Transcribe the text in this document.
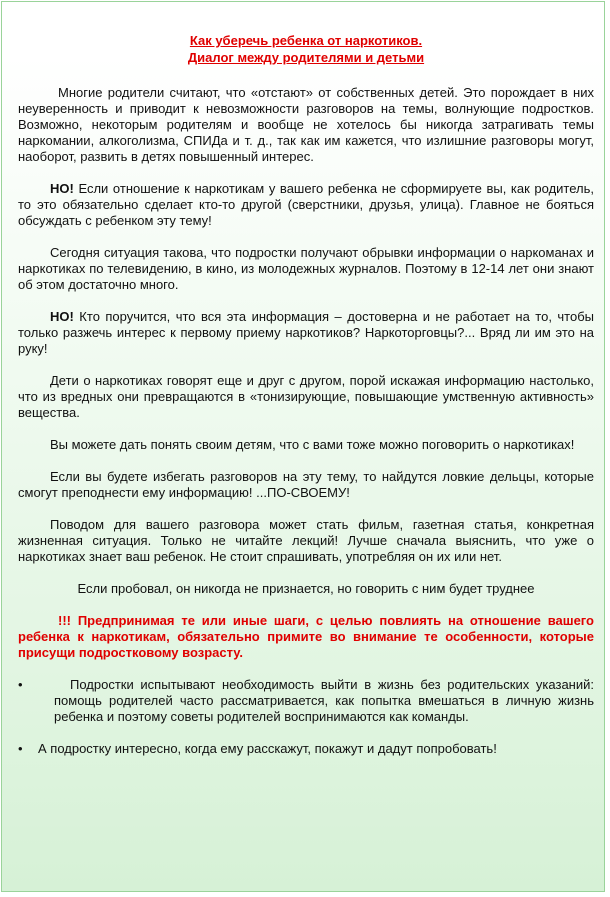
Как уберечь ребенка от наркотиков.
Диалог между родителями и детьми

Многие родители считают, что «отстают» от собственных детей. Это порождает в них неуверенность и приводит к невозможности разговоров на темы, волнующие подростков. Возможно, некоторым родителям и вообще не хотелось бы никогда затрагивать темы наркомании, алкоголизма, СПИДа и т. д., так как им кажется, что излишние разговоры могут, наоборот, развить в детях повышенный интерес.

НО! Если отношение к наркотикам у вашего ребенка не сформируете вы, как родитель, то это обязательно сделает кто-то другой (сверстники, друзья, улица). Главное не бояться обсуждать с ребенком эту тему!

Сегодня ситуация такова, что подростки получают обрывки информации о наркоманах и наркотиках по телевидению, в кино, из молодежных журналов. Поэтому в 12-14 лет они знают об этом достаточно много.

НО! Кто поручится, что вся эта информация – достоверна и не работает на то, чтобы только разжечь интерес к первому приему наркотиков? Наркоторговцы?... Вряд ли им это на руку!

Дети о наркотиках говорят еще и друг с другом, порой искажая информацию настолько, что из вредных они превращаются в «тонизирующие, повышающие умственную активность» вещества.

Вы можете дать понять своим детям, что с вами тоже можно поговорить о наркотиках!

Если вы будете избегать разговоров на эту тему, то найдутся ловкие дельцы, которые смогут преподнести ему информацию! ...ПО-СВОЕМУ!

Поводом для вашего разговора может стать фильм, газетная статья, конкретная жизненная ситуация. Только не читайте лекций! Лучше сначала выяснить, что уже о наркотиках знает ваш ребенок. Не стоит спрашивать, употребляя он их или нет.

Если пробовал, он никогда не признается, но говорить с ним будет труднее

!!! Предпринимая те или иные шаги, с целью повлиять на отношение вашего ребенка к наркотикам, обязательно примите во внимание те особенности, которые присущи подростковому возрасту.

•	Подростки испытывают необходимость выйти в жизнь без родительских указаний: помощь родителей часто рассматривается, как попытка вмешаться в личную жизнь ребенка и поэтому советы родителей воспринимаются как команды.

•	А подростку интересно, когда ему расскажут, покажут и дадут попробовать!
